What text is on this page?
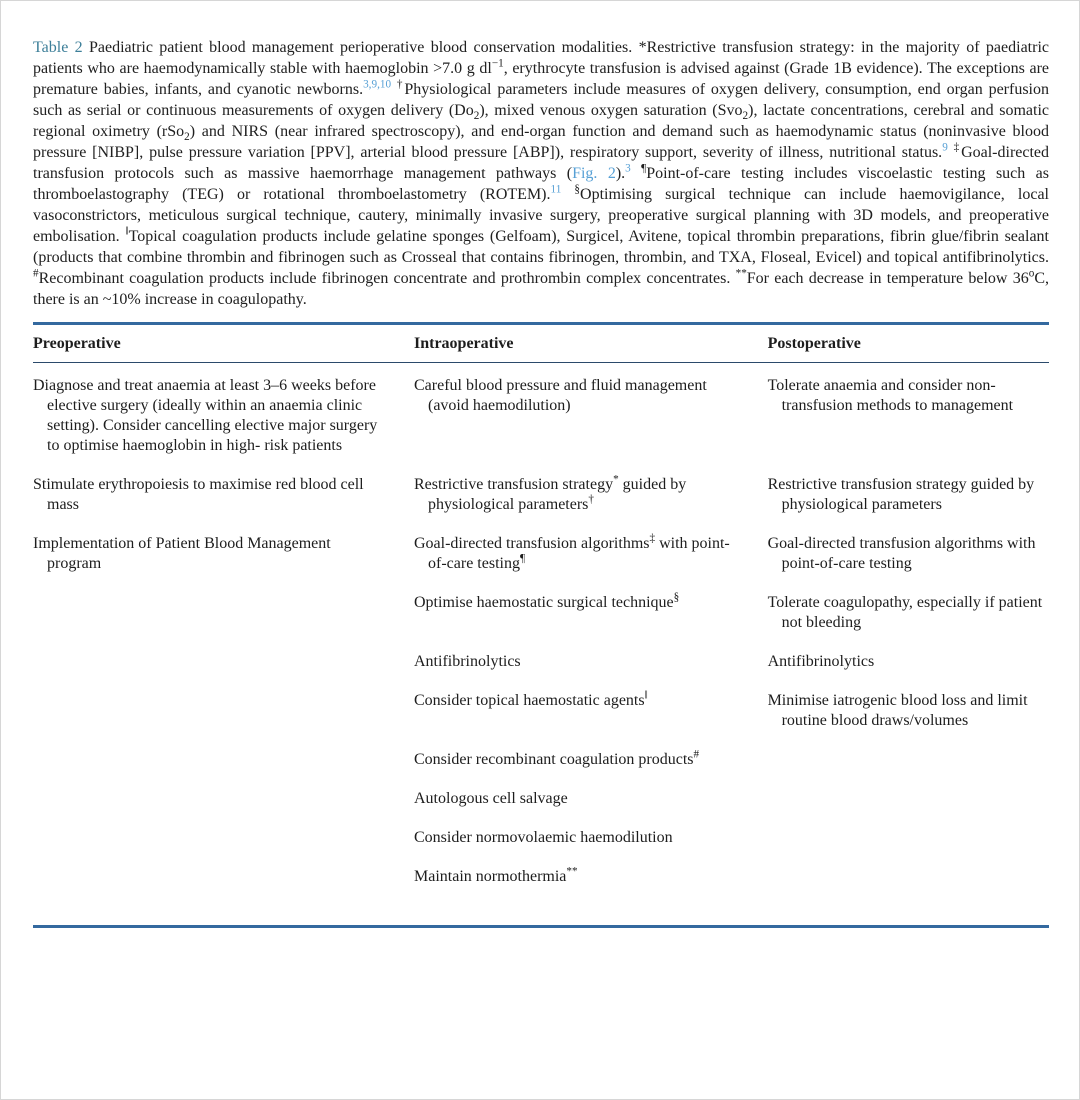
Table 2 Paediatric patient blood management perioperative blood conservation modalities. *Restrictive transfusion strategy: in the majority of paediatric patients who are haemodynamically stable with haemoglobin >7.0 g $dl^{-1}$, erythrocyte transfusion is advised against (Grade 1B evidence). The exceptions are premature babies, infants, and cyanotic newborns.$^{3,9,10}$ †Physiological parameters include measures of oxygen delivery, consumption, end organ perfusion such as serial or continuous measurements of oxygen delivery $(Do_2)$, mixed venous oxygen saturation (Svo$_2$), lactate concentrations, cerebral and somatic regional oximetry (rSo$_2$) and NIRS (near infrared spectroscopy), and end-organ function and demand such as haemodynamic status (noninvasive blood pressure [NIBP], pulse pressure variation [PPV], arterial blood pressure [ABP]), respiratory support, severity of illness, nutritional status.$^9$ ‡Goal-directed transfusion protocols such as massive haemorrhage management pathways (Fig. 2).$^3$ ¶Point-of-care testing includes viscoelastic testing such as thromboelastography (TEG) or rotational thromboelastometry (ROTEM).$^{11}$ §Optimising surgical technique can include haemovigilance, local vasoconstrictors, meticulous surgical technique, cautery, minimally invasive surgery, preoperative surgical planning with 3D models, and preoperative embolisation. ‖Topical coagulation products include gelatine sponges (Gelfoam), Surgicel, Avitene, topical thrombin preparations, fibrin glue/fibrin sealant (products that combine thrombin and fibrinogen such as Crosseal that contains fibrinogen, thrombin, and TXA, Floseal, Evicel) and topical antifibrinolytics. #Recombinant coagulation products include fibrinogen concentrate and prothrombin complex concentrates. **For each decrease in temperature below 36$^o$C, there is an ~10% increase in coagulopathy.

Preoperative	Intraoperative	Postoperative
Diagnose and treat anaemia at least 3–6 weeks before elective surgery (ideally within an anaemia clinic setting). Consider cancelling elective major surgery to optimise haemoglobin in high- risk patients	Careful blood pressure and fluid management (avoid haemodilution)	Tolerate anaemia and consider non-transfusion methods to management
Stimulate erythropoiesis to maximise red blood cell mass	Restrictive transfusion strategy* guided by physiological parameters†	Restrictive transfusion strategy guided by physiological parameters
Implementation of Patient Blood Management program	Goal-directed transfusion algorithms‡ with point-of-care testing¶	Goal-directed transfusion algorithms with point-of-care testing
	Optimise haemostatic surgical technique§	Tolerate coagulopathy, especially if patient not bleeding
	Antifibrinolytics	Antifibrinolytics
	Consider topical haemostatic agents‖	Minimise iatrogenic blood loss and limit routine blood draws/volumes
	Consider recombinant coagulation products#	
	Autologous cell salvage	
	Consider normovolaemic haemodilution	
	Maintain normothermia**	
